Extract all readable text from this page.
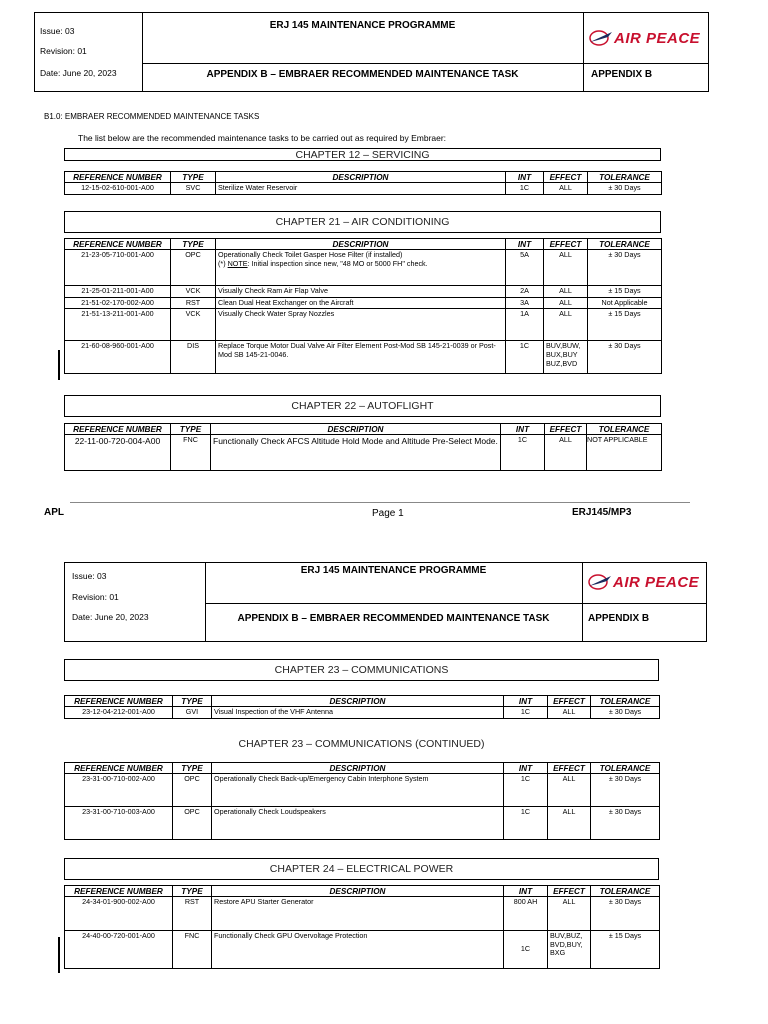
Issue: 03
Revision: 01
Date: June 20, 2023
ERJ 145 MAINTENANCE PROGRAMME
APPENDIX B – EMBRAER RECOMMENDED MAINTENANCE TASK
AIR PEACE
APPENDIX B
B1.0: EMBRAER RECOMMENDED MAINTENANCE TASKS
The list below are the recommended maintenance tasks to be carried out as required by Embraer:
CHAPTER 12 – SERVICING
REFERENCE NUMBER	TYPE	DESCRIPTION	INT	EFFECT	TOLERANCE
12-15-02-610-001-A00	SVC	Sterilize Water Reservoir	1C	ALL	± 30 Days
CHAPTER 21 – AIR CONDITIONING
REFERENCE NUMBER	TYPE	DESCRIPTION	INT	EFFECT	TOLERANCE
21-23-05-710-001-A00	OPC	Operationally Check Toilet Gasper Hose Filter (if installed)
(*) NOTE: Initial inspection since new, "48 MO or 5000 FH" check.	5A	ALL	± 30 Days
21-25-01-211-001-A00	VCK	Visually Check Ram Air Flap Valve	2A	ALL	± 15 Days
21-51-02-170-002-A00	RST	Clean Dual Heat Exchanger on the Aircraft	3A	ALL	Not Applicable
21-51-13-211-001-A00	VCK	Visually Check Water Spray Nozzles	1A	ALL	± 15 Days
21-60-08-960-001-A00	DIS	Replace Torque Motor Dual Valve Air Filter Element Post-Mod SB 145-21-0039 or Post-Mod SB 145-21-0046.	1C	BUV,BUW, BUX,BUY BUZ,BVD	± 30 Days
CHAPTER 22 – AUTOFLIGHT
REFERENCE NUMBER	TYPE	DESCRIPTION	INT	EFFECT	TOLERANCE
22-11-00-720-004-A00	FNC	Functionally Check AFCS Altitude Hold Mode and Altitude Pre-Select Mode.	1C	ALL	NOT APPLICABLE
APL	Page 1	ERJ145/MP3
Issue: 03
Revision: 01
Date: June 20, 2023
ERJ 145 MAINTENANCE PROGRAMME
APPENDIX B – EMBRAER RECOMMENDED MAINTENANCE TASK
AIR PEACE
APPENDIX B
CHAPTER 23 – COMMUNICATIONS
REFERENCE NUMBER	TYPE	DESCRIPTION	INT	EFFECT	TOLERANCE
23-12-04-212-001-A00	GVI	Visual Inspection of the VHF Antenna	1C	ALL	± 30 Days
CHAPTER 23 – COMMUNICATIONS (CONTINUED)
REFERENCE NUMBER	TYPE	DESCRIPTION	INT	EFFECT	TOLERANCE
23-31-00-710-002-A00	OPC	Operationally Check Back-up/Emergency Cabin Interphone System	1C	ALL	± 30 Days
23-31-00-710-003-A00	OPC	Operationally Check Loudspeakers	1C	ALL	± 30 Days
CHAPTER 24 – ELECTRICAL POWER
REFERENCE NUMBER	TYPE	DESCRIPTION	INT	EFFECT	TOLERANCE
24-34-01-900-002-A00	RST	Restore APU Starter Generator	800 AH	ALL	± 30 Days
24-40-00-720-001-A00	FNC	Functionally Check GPU Overvoltage Protection	1C	BUV,BUZ, BVD,BUY, BXG	± 15 Days
